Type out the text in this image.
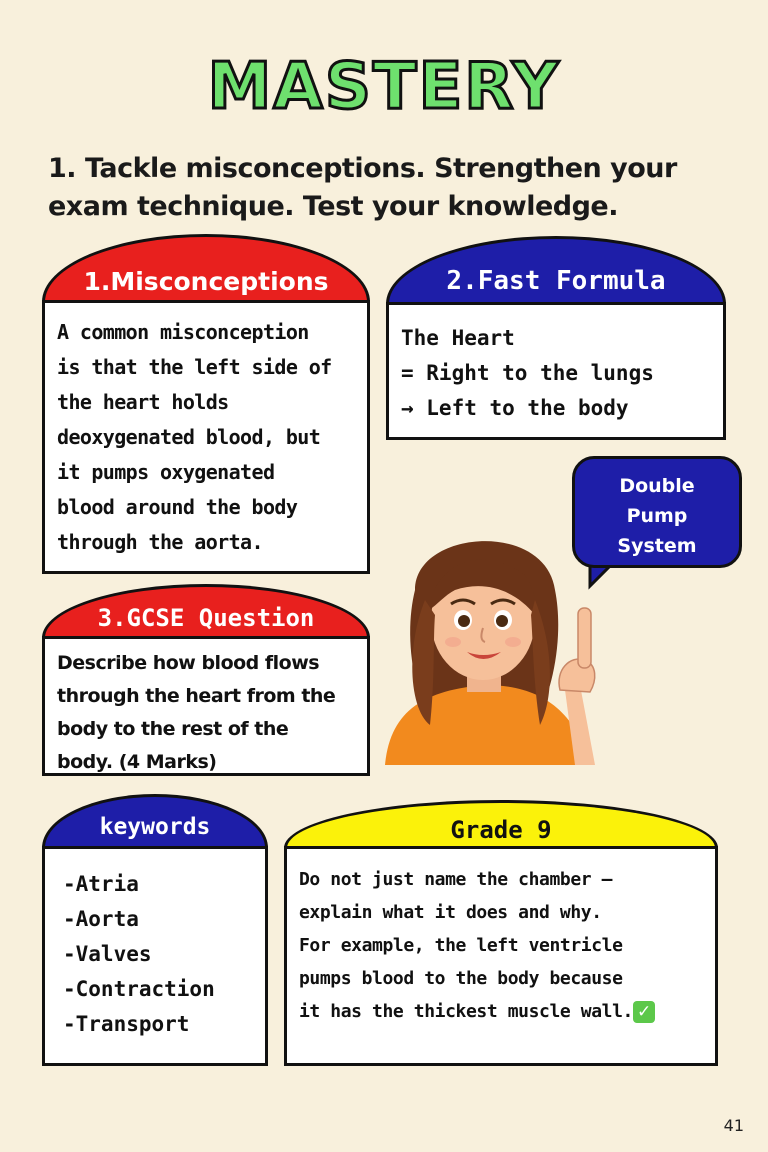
MASTERY
1. Tackle misconceptions. Strengthen your exam technique. Test your knowledge.
1.Misconceptions
A common misconception
is that the left side of
the heart holds
deoxygenated blood, but
it pumps oxygenated
blood around the body
through the aorta.
2.Fast Formula
The Heart
= Right to the lungs
→ Left to the body
Double
Pump
System
3.GCSE Question
Describe how blood flows
through the heart from the
body to the rest of the
body. (4 Marks)
keywords
-Atria
-Aorta
-Valves
-Contraction
-Transport
Grade 9
Do not just name the chamber —
explain what it does and why.
For example, the left ventricle
pumps blood to the body because
it has the thickest muscle wall. ✓
41
